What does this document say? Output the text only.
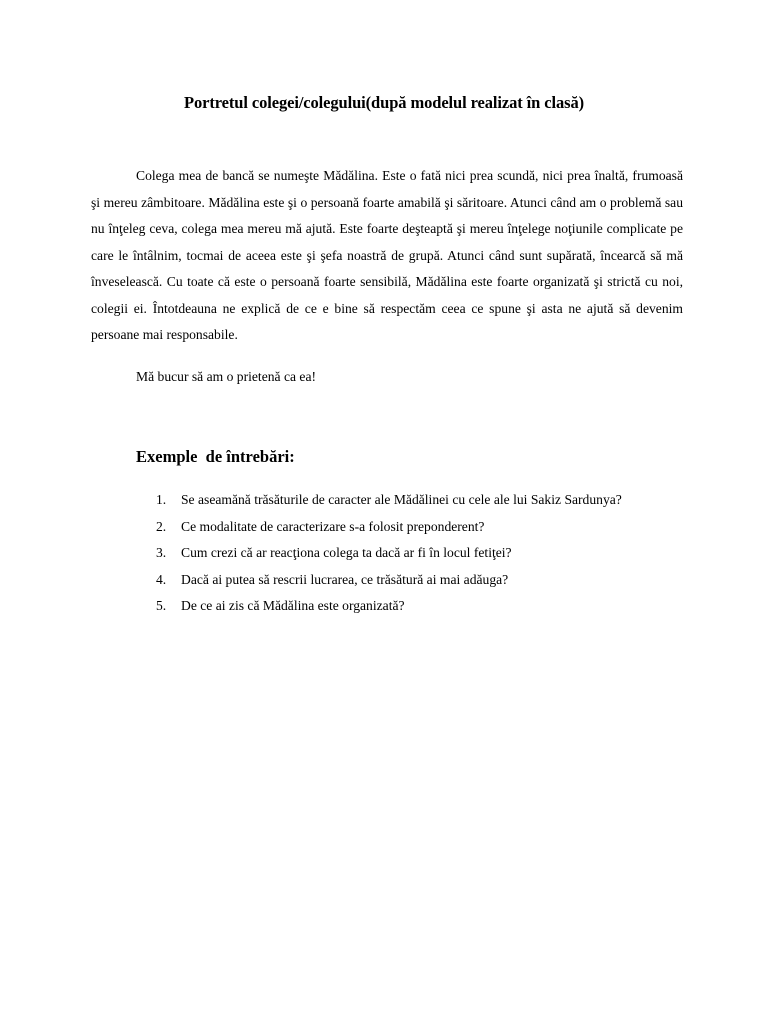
Portretul colegei/colegului(după modelul realizat în clasă)

Colega mea de bancă se numeşte Mădălina. Este o fată nici prea scundă, nici prea înaltă, frumoasă şi mereu zâmbitoare. Mădălina este şi o persoană foarte amabilă şi săritoare. Atunci când am o problemă sau nu înţeleg ceva, colega mea mereu mă ajută. Este foarte deşteaptă şi mereu înţelege noţiunile complicate pe care le întâlnim, tocmai de aceea este şi şefa noastră de grupă. Atunci când sunt supărată, încearcă să mă înveselească. Cu toate că este o persoană foarte sensibilă, Mădălina este foarte organizată şi strictă cu noi, colegii ei. Întotdeauna ne explică de ce e bine să respectăm ceea ce spune şi asta ne ajută să devenim persoane mai responsabile.

Mă bucur să am o prietenă ca ea!

Exemple  de întrebări:
1. Se aseamănă trăsăturile de caracter ale Mădălinei cu cele ale lui Sakiz Sardunya?
2. Ce modalitate de caracterizare s-a folosit preponderent?
3. Cum crezi că ar reacţiona colega ta dacă ar fi în locul fetiţei?
4. Dacă ai putea să rescrii lucrarea, ce trăsătură ai mai adăuga?
5. De ce ai zis că Mădălina este organizată?
